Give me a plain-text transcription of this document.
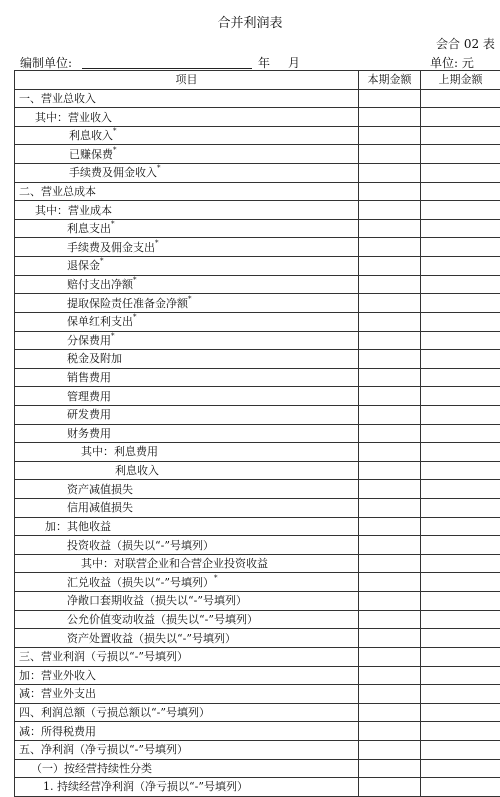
合并利润表
会合 02 表
编制单位:	年 月	单位: 元
项目	本期金额	上期金额
一、营业总收入		
其中：营业收入		
利息收入*		
已赚保费*		
手续费及佣金收入*		
二、营业总成本		
其中：营业成本		
利息支出*		
手续费及佣金支出*		
退保金*		
赔付支出净额*		
提取保险责任准备金净额*		
保单红利支出*		
分保费用*		
税金及附加		
销售费用		
管理费用		
研发费用		
财务费用		
其中：利息费用		
利息收入		
资产减值损失		
信用减值损失		
加：其他收益		
投资收益（损失以“-”号填列）		
其中：对联营企业和合营企业投资收益		
汇兑收益（损失以“-”号填列）*		
净敞口套期收益（损失以“-”号填列）		
公允价值变动收益（损失以“-”号填列）		
资产处置收益（损失以“-”号填列）		
三、营业利润（亏损以“-”号填列）		
加：营业外收入		
减：营业外支出		
四、利润总额（亏损总额以“-”号填列）		
减：所得税费用		
五、净利润（净亏损以“-”号填列）		
（一）按经营持续性分类		
1. 持续经营净利润（净亏损以“-”号填列）		
